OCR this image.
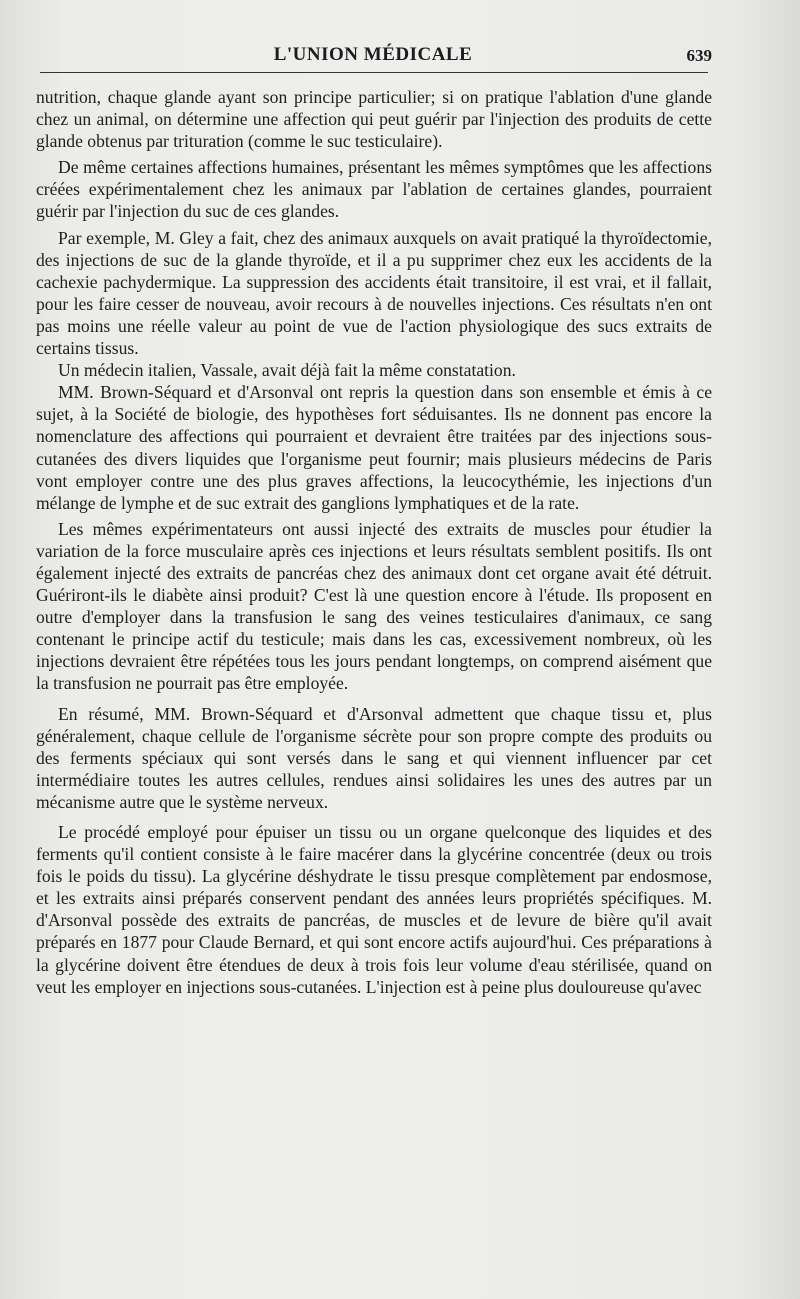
L'UNION MÉDICALE	639

nutrition, chaque glande ayant son principe particulier; si on pratique l'ablation d'une glande chez un animal, on détermine une affection qui peut guérir par l'injection des produits de cette glande obtenus par trituration (comme le suc testiculaire).

De même certaines affections humaines, présentant les mêmes symptômes que les affections créées expérimentalement chez les animaux par l'ablation de certaines glandes, pourraient guérir par l'injection du suc de ces glandes.

Par exemple, M. Gley a fait, chez des animaux auxquels on avait pratiqué la thyroïdectomie, des injections de suc de la glande thyroïde, et il a pu supprimer chez eux les accidents de la cachexie pachydermique. La suppression des accidents était transitoire, il est vrai, et il fallait, pour les faire cesser de nouveau, avoir recours à de nouvelles injections. Ces résultats n'en ont pas moins une réelle valeur au point de vue de l'action physiologique des sucs extraits de certains tissus.

Un médecin italien, Vassale, avait déjà fait la même constatation.

MM. Brown-Séquard et d'Arsonval ont repris la question dans son ensemble et émis à ce sujet, à la Société de biologie, des hypothèses fort séduisantes. Ils ne donnent pas encore la nomenclature des affections qui pourraient et devraient être traitées par des injections sous-cutanées des divers liquides que l'organisme peut fournir; mais plusieurs médecins de Paris vont employer contre une des plus graves affections, la leucocythémie, les injections d'un mélange de lymphe et de suc extrait des ganglions lymphatiques et de la rate.

Les mêmes expérimentateurs ont aussi injecté des extraits de muscles pour étudier la variation de la force musculaire après ces injections et leurs résultats semblent positifs. Ils ont également injecté des extraits de pancréas chez des animaux dont cet organe avait été détruit. Guériront-ils le diabète ainsi produit? C'est là une question encore à l'étude. Ils proposent en outre d'employer dans la transfusion le sang des veines testiculaires d'animaux, ce sang contenant le principe actif du testicule; mais dans les cas, excessivement nombreux, où les injections devraient être répétées tous les jours pendant longtemps, on comprend aisément que la transfusion ne pourrait pas être employée.

En résumé, MM. Brown-Séquard et d'Arsonval admettent que chaque tissu et, plus généralement, chaque cellule de l'organisme sécrète pour son propre compte des produits ou des ferments spéciaux qui sont versés dans le sang et qui viennent influencer par cet intermédiaire toutes les autres cellules, rendues ainsi solidaires les unes des autres par un mécanisme autre que le système nerveux.

Le procédé employé pour épuiser un tissu ou un organe quelconque des liquides et des ferments qu'il contient consiste à le faire macérer dans la glycérine concentrée (deux ou trois fois le poids du tissu). La glycérine déshydrate le tissu presque complètement par endosmose, et les extraits ainsi préparés conservent pendant des années leurs propriétés spécifiques. M. d'Arsonval possède des extraits de pancréas, de muscles et de levure de bière qu'il avait préparés en 1877 pour Claude Bernard, et qui sont encore actifs aujourd'hui. Ces préparations à la glycérine doivent être étendues de deux à trois fois leur volume d'eau stérilisée, quand on veut les employer en injections sous-cutanées. L'injection est à peine plus douloureuse qu'avec
